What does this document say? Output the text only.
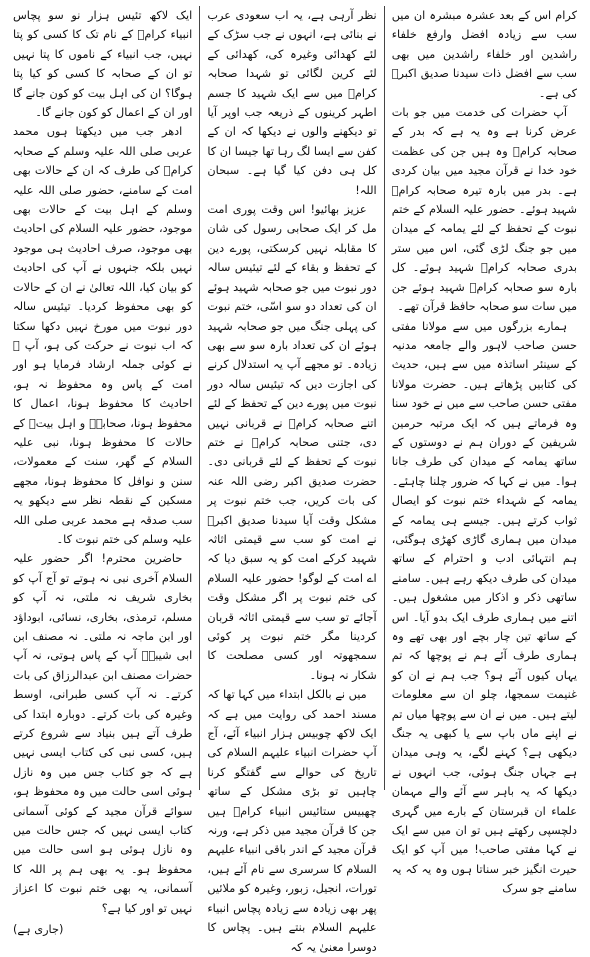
کرام اس کے بعد عشرہ مبشرہ ان میں سب سے زیادہ افضل وارفع خلفاء راشدین اور خلفاء راشدین میں بھی سب سے افضل ذات سیدنا صدیق اکبرؓ کی ہے۔

آپ حضرات کی خدمت میں جو بات عرض کرنا ہے وہ یہ ہے کہ بدر کے صحابہ کرامؓ وہ ہیں جن کی عظمت خود خدا نے قرآن مجید میں بیان کردی ہے۔ بدر میں بارہ تیرہ صحابہ کرامؓ شہید ہوئے۔ حضور علیہ السلام کے ختم نبوت کے تحفظ کے لئے یمامہ کے میدان میں جو جنگ لڑی گئی، اس میں ستر بدری صحابہ کرامؓ شہید ہوئے۔ کل بارہ سو صحابہ کرامؓ شہید ہوئے جن میں سات سو صحابہ حافظ قرآن تھے۔

ہمارے بزرگوں میں سے مولانا مفتی حسن صاحب لاہور والے جامعہ مدنیہ کے سینئر اساتذہ میں سے ہیں، حدیث کی کتابیں پڑھاتے ہیں۔ حضرت مولانا مفتی حسن صاحب سے میں نے خود سنا وہ فرماتے ہیں کہ ایک مرتبہ حرمین شریفین کے دوران ہم نے دوستوں کے ساتھ یمامہ کے میدان کی طرف جانا ہوا۔ میں نے کہا کہ ضرور چلنا چاہئے۔ یمامہ کے شہداء ختم نبوت کو ایصال ثواب کرتے ہیں۔ جیسے ہی یمامہ کے میدان میں ہماری گاڑی کھڑی ہوگئی، ہم انتہائی ادب و احترام کے ساتھ میدان کی طرف دیکھ رہے ہیں۔ سامنے ساتھی ذکر و اذکار میں مشغول ہیں۔ اتنے میں ہماری طرف ایک بدو آیا۔ اس کے ساتھ تین چار بچے اور بھی تھے وہ ہماری طرف آئے ہم نے پوچھا کہ تم یہاں کیوں آئے ہو؟ جب ہم نے ان کو غنیمت سمجھا، چلو ان سے معلومات لیتے ہیں۔ میں نے ان سے پوچھا میاں تم نے اپنے ماں باپ سے یا کبھی یہ جنگ دیکھی ہے؟ کہنے لگے، یہ وہی میدان ہے جہاں جنگ ہوئی، جب انہوں نے دیکھا کہ یہ باہر سے آئے والے مہمان علماء ان قبرستان کے بارے میں گہری دلچسپی رکھتے ہیں تو ان میں سے ایک نے کہا مفتی صاحب! میں آپ کو ایک حیرت انگیز خبر سناتا ہوں وہ یہ کہ یہ سامنے جو سرک

نظر آرہی ہے، یہ اب سعودی عرب نے بنائی ہے، انہوں نے جب سڑک کے لئے کھدائی وغیرہ کی، کھدائی کے لئے کرین لگائی تو شہدا صحابہ کرامؓ میں سے ایک شہید کا جسم اطہر کرینوں کے ذریعہ جب اوپر آیا تو دیکھنے والوں نے دیکھا کہ ان کے کفن سے ایسا لگ رہا تھا جیسا ان کا کل ہی دفن کیا گیا ہے۔ سبحان اللہ!

عزیز بھائیو! اس وقت پوری امت مل کر ایک صحابی رسول کی شان کا مقابلہ نہیں کرسکتی، پورے دین کے تحفظ و بقاء کے لئے تیئیس سالہ دور نبوت میں جو صحابہ شہید ہوئے ان کی تعداد دو سو اسّی، ختم نبوت کی پہلی جنگ میں جو صحابہ شہید ہوئے ان کی تعداد بارہ سو سے بھی زیادہ۔ تو مجھے آپ یہ استدلال کرنے کی اجازت دیں کہ تیئیس سالہ دور نبوت میں پورے دین کے تحفظ کے لئے اتنے صحابہ کرامؓ نے قربانی نہیں دی، جتنی صحابہ کرامؓ نے ختم نبوت کے تحفظ کے لئے قربانی دی۔ حضرت صدیق اکبر رضی اللہ عنہ کی بات کریں، جب ختم نبوت پر مشکل وقت آیا سیدنا صدیق اکبرؓ نے امت کو سب سے قیمتی اثاثہ شہید کرکے امت کو یہ سبق دیا کہ اے امت کے لوگو! حضور علیہ السلام کی ختم نبوت پر اگر مشکل وقت آجائے تو سب سے قیمتی اثاثہ قربان کردینا مگر ختم نبوت پر کوئی سمجھوتہ اور کسی مصلحت کا شکار نہ ہونا۔

میں نے بالکل ابتداء میں کہا تھا کہ مسند احمد کی روایت میں ہے کہ ایک لاکھ چوبیس ہزار انبیاء آئے، آج آپ حضرات انبیاء علیہم السلام کی تاریخ کی حوالے سے گفتگو کرنا چاہیں تو بڑی مشکل کے ساتھ چھبیس ستائیس انبیاء کرامؑ ہیں جن کا قرآن مجید میں ذکر ہے، ورنہ قرآن مجید کے اندر باقی انبیاء علیہم السلام کا سرسری سے نام آئے ہیں، تورات، انجیل، زبور، وغیرہ کو ملائیں پھر بھی زیادہ سے زیادہ پچاس انبیاء علیہم السلام بنتے ہیں۔ پچاس کا دوسرا معنیٰ یہ کہ

ایک لاکھ تئیس ہزار نو سو پچاس انبیاء کرامؑ کے نام تک کا کسی کو پتا نہیں، جب انبیاء کے ناموں کا پتا نہیں تو ان کے صحابہ کا کسی کو کیا پتا ہوگا؟ ان کی اہل بیت کو کون جانے گا اور ان کے اعمال کو کون جانے گا۔

ادھر جب میں دیکھتا ہوں محمد عربی صلی اللہ علیہ وسلم کے صحابہ کرامؓ کی طرف کہ ان کے حالات بھی امت کے سامنے، حضور صلی اللہ علیہ وسلم کے اہل بیت کے حالات بھی موجود، حضور علیہ السلام کی احادیث بھی موجود، صرف احادیث ہی موجود نہیں بلکہ جنہوں نے آپ کی احادیث کو بیان کیا، اللہ تعالیٰ نے ان کے حالات کو بھی محفوظ کردیا۔ تیئیس سالہ دور نبوت میں مورخ نہیں دکھا سکتا کہ اب نبوت نے حرکت کی ہو، آپ ﷺ نے کوئی جملہ ارشاد فرمایا ہو اور امت کے پاس وہ محفوظ نہ ہو، احادیث کا محفوظ ہونا، اعمال کا محفوظ ہونا، صحابہؓ و اہل بیتؓ کے حالات کا محفوظ ہونا، نبی علیہ السلام کے گھر، سنت کے معمولات، سنن و نوافل کا محفوظ ہونا، مجھے مسکین کے نقطہ نظر سے دیکھو یہ سب صدقہ ہے محمد عربی صلی اللہ علیہ وسلم کی ختم نبوت کا۔

حاضرین محترم! اگر حضور علیہ السلام آخری نبی نہ ہوتے تو آج آپ کو بخاری شریف نہ ملتی، نہ آپ کو مسلم، ترمذی، بخاری، نسائی، ابوداؤد اور ابن ماجہ نہ ملتی۔ نہ مصنف ابن ابی شیبہؒ آپ کے پاس ہوتی، نہ آپ حضرات مصنف ابن عبدالرزاق کی بات کرتے۔ نہ آپ کسی طبرانی، اوسط وغیرہ کی بات کرتے۔ دوبارہ ابتدا کی طرف آتے ہیں بنیاد سے شروع کرتے ہیں، کسی نبی کی کتاب ایسی نہیں ہے کہ جو کتاب جس میں وہ نازل ہوئی اسی حالت میں وہ محفوظ ہو، سوائے قرآن مجید کے کوئی آسمانی کتاب ایسی نہیں کہ جس حالت میں وہ نازل ہوئی ہو اسی حالت میں محفوظ ہو۔ یہ بھی ہم پر اللہ کا آسمانی، یہ بھی ختم نبوت کا اعزاز نہیں تو اور کیا ہے؟

(جاری ہے)
